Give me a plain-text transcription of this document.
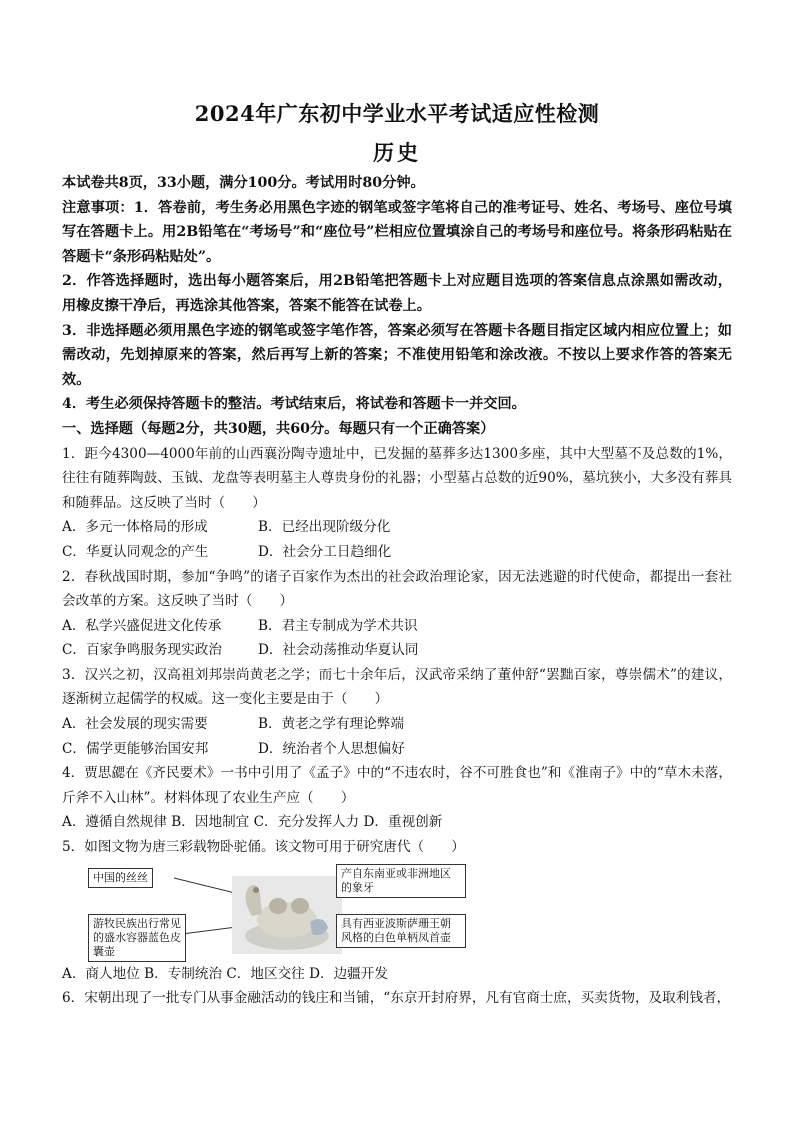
2024年广东初中学业水平考试适应性检测
历史

本试卷共8页，33小题，满分100分。考试用时80分钟。

注意事项：1．答卷前，考生务必用黑色字迹的钢笔或签字笔将自己的准考证号、姓名、考场号、座位号填写在答题卡上。用2B铅笔在“考场号”和“座位号”栏相应位置填涂自己的考场号和座位号。将条形码粘贴在答题卡“条形码粘贴处”。

2．作答选择题时，选出每小题答案后，用2B铅笔把答题卡上对应题目选项的答案信息点涂黑如需改动，用橡皮擦干净后，再选涂其他答案，答案不能答在试卷上。

3．非选择题必须用黑色字迹的钢笔或签字笔作答，答案必须写在答题卡各题目指定区域内相应位置上；如需改动，先划掉原来的答案，然后再写上新的答案；不准使用铅笔和涂改液。不按以上要求作答的答案无效。

4．考生必须保持答题卡的整洁。考试结束后，将试卷和答题卡一并交回。

一、选择题（每题2分，共30题，共60分。每题只有一个正确答案）

1．距今4300—4000年前的山西襄汾陶寺遗址中，已发掘的墓葬多达1300多座，其中大型墓不及总数的1%，往往有随葬陶鼓、玉钺、龙盘等表明墓主人尊贵身份的礼器；小型墓占总数的近90%，墓坑狭小，大多没有葬具和随葬品。这反映了当时（　　）

A．多元一体格局的形成	B．已经出现阶级分化
C．华夏认同观念的产生	D．社会分工日趋细化

2．春秋战国时期，参加“争鸣”的诸子百家作为杰出的社会政治理论家，因无法逃避的时代使命，都提出一套社会改革的方案。这反映了当时（　　）

A．私学兴盛促进文化传承	B．君主专制成为学术共识
C．百家争鸣服务现实政治	D．社会动荡推动华夏认同

3．汉兴之初，汉高祖刘邦崇尚黄老之学；而七十余年后，汉武帝采纳了董仲舒“罢黜百家，尊崇儒术”的建议，逐渐树立起儒学的权威。这一变化主要是由于（　　）

A．社会发展的现实需要	B．黄老之学有理论弊端
C．儒学更能够治国安邦	D．统治者个人思想偏好

4．贾思勰在《齐民要术》一书中引用了《孟子》中的“不违农时，谷不可胜食也”和《淮南子》中的“草木未落，斤斧不入山林”。材料体现了农业生产应（　　）

A．遵循自然规律 B．因地制宜 C．充分发挥人力 D．重视创新

5．如图文物为唐三彩载物卧驼俑。该文物可用于研究唐代（　　）

中国的丝丝
游牧民族出行常见的盛水容器蓝色皮囊壶
产自东南亚或非洲地区的象牙
具有西亚波斯萨珊王朝风格的白色单柄凤首壶

A．商人地位 B．专制统治 C．地区交往 D．边疆开发

6．宋朝出现了一批专门从事金融活动的钱庄和当铺，“东京开封府界，凡有官商士庶，买卖货物，及取利钱者，
